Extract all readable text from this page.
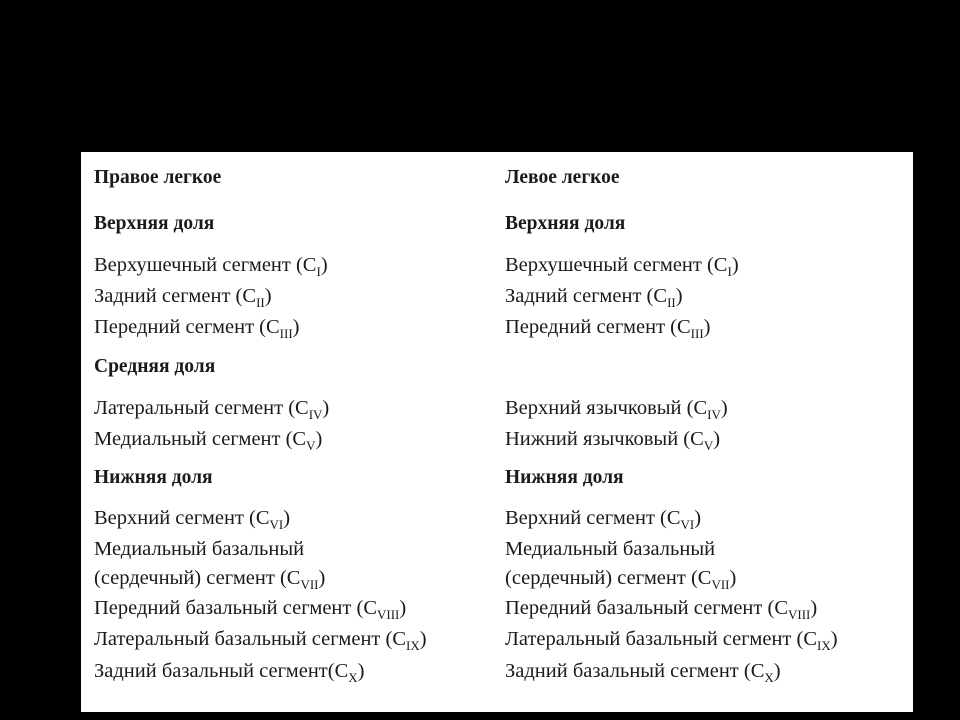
Правое легкое
Верхняя доля
Верхушечный сегмент $(C_I)$
Задний сегмент $(C_{II})$
Передний сегмент $(C_{III})$
Средняя доля
Латеральный сегмент $(C_{IV})$
Медиальный сегмент $(C_V)$
Нижняя доля
Верхний сегмент $(C_{VI})$
Медиальный базальный
(сердечный) сегмент $(C_{VII})$
Передний базальный сегмент $(C_{VIII})$
Латеральный базальный сегмент $(C_{IX})$
Задний базальный $сегмент(C_X)$
Левое легкое
Верхняя доля
Верхушечный сегмент $(C_I)$
Задний сегмент $(C_{II})$
Передний сегмент $(C_{III})$
Верхний язычковый $(C_{IV})$
Нижний язычковый $(C_V)$
Нижняя доля
Верхний сегмент $(C_{VI})$
Медиальный базальный
(сердечный) сегмент $(C_{VII})$
Передний базальный сегмент $(C_{VIII})$
Латеральный базальный сегмент $(C_{IX})$
Задний базальный сегмент $(C_X)$
